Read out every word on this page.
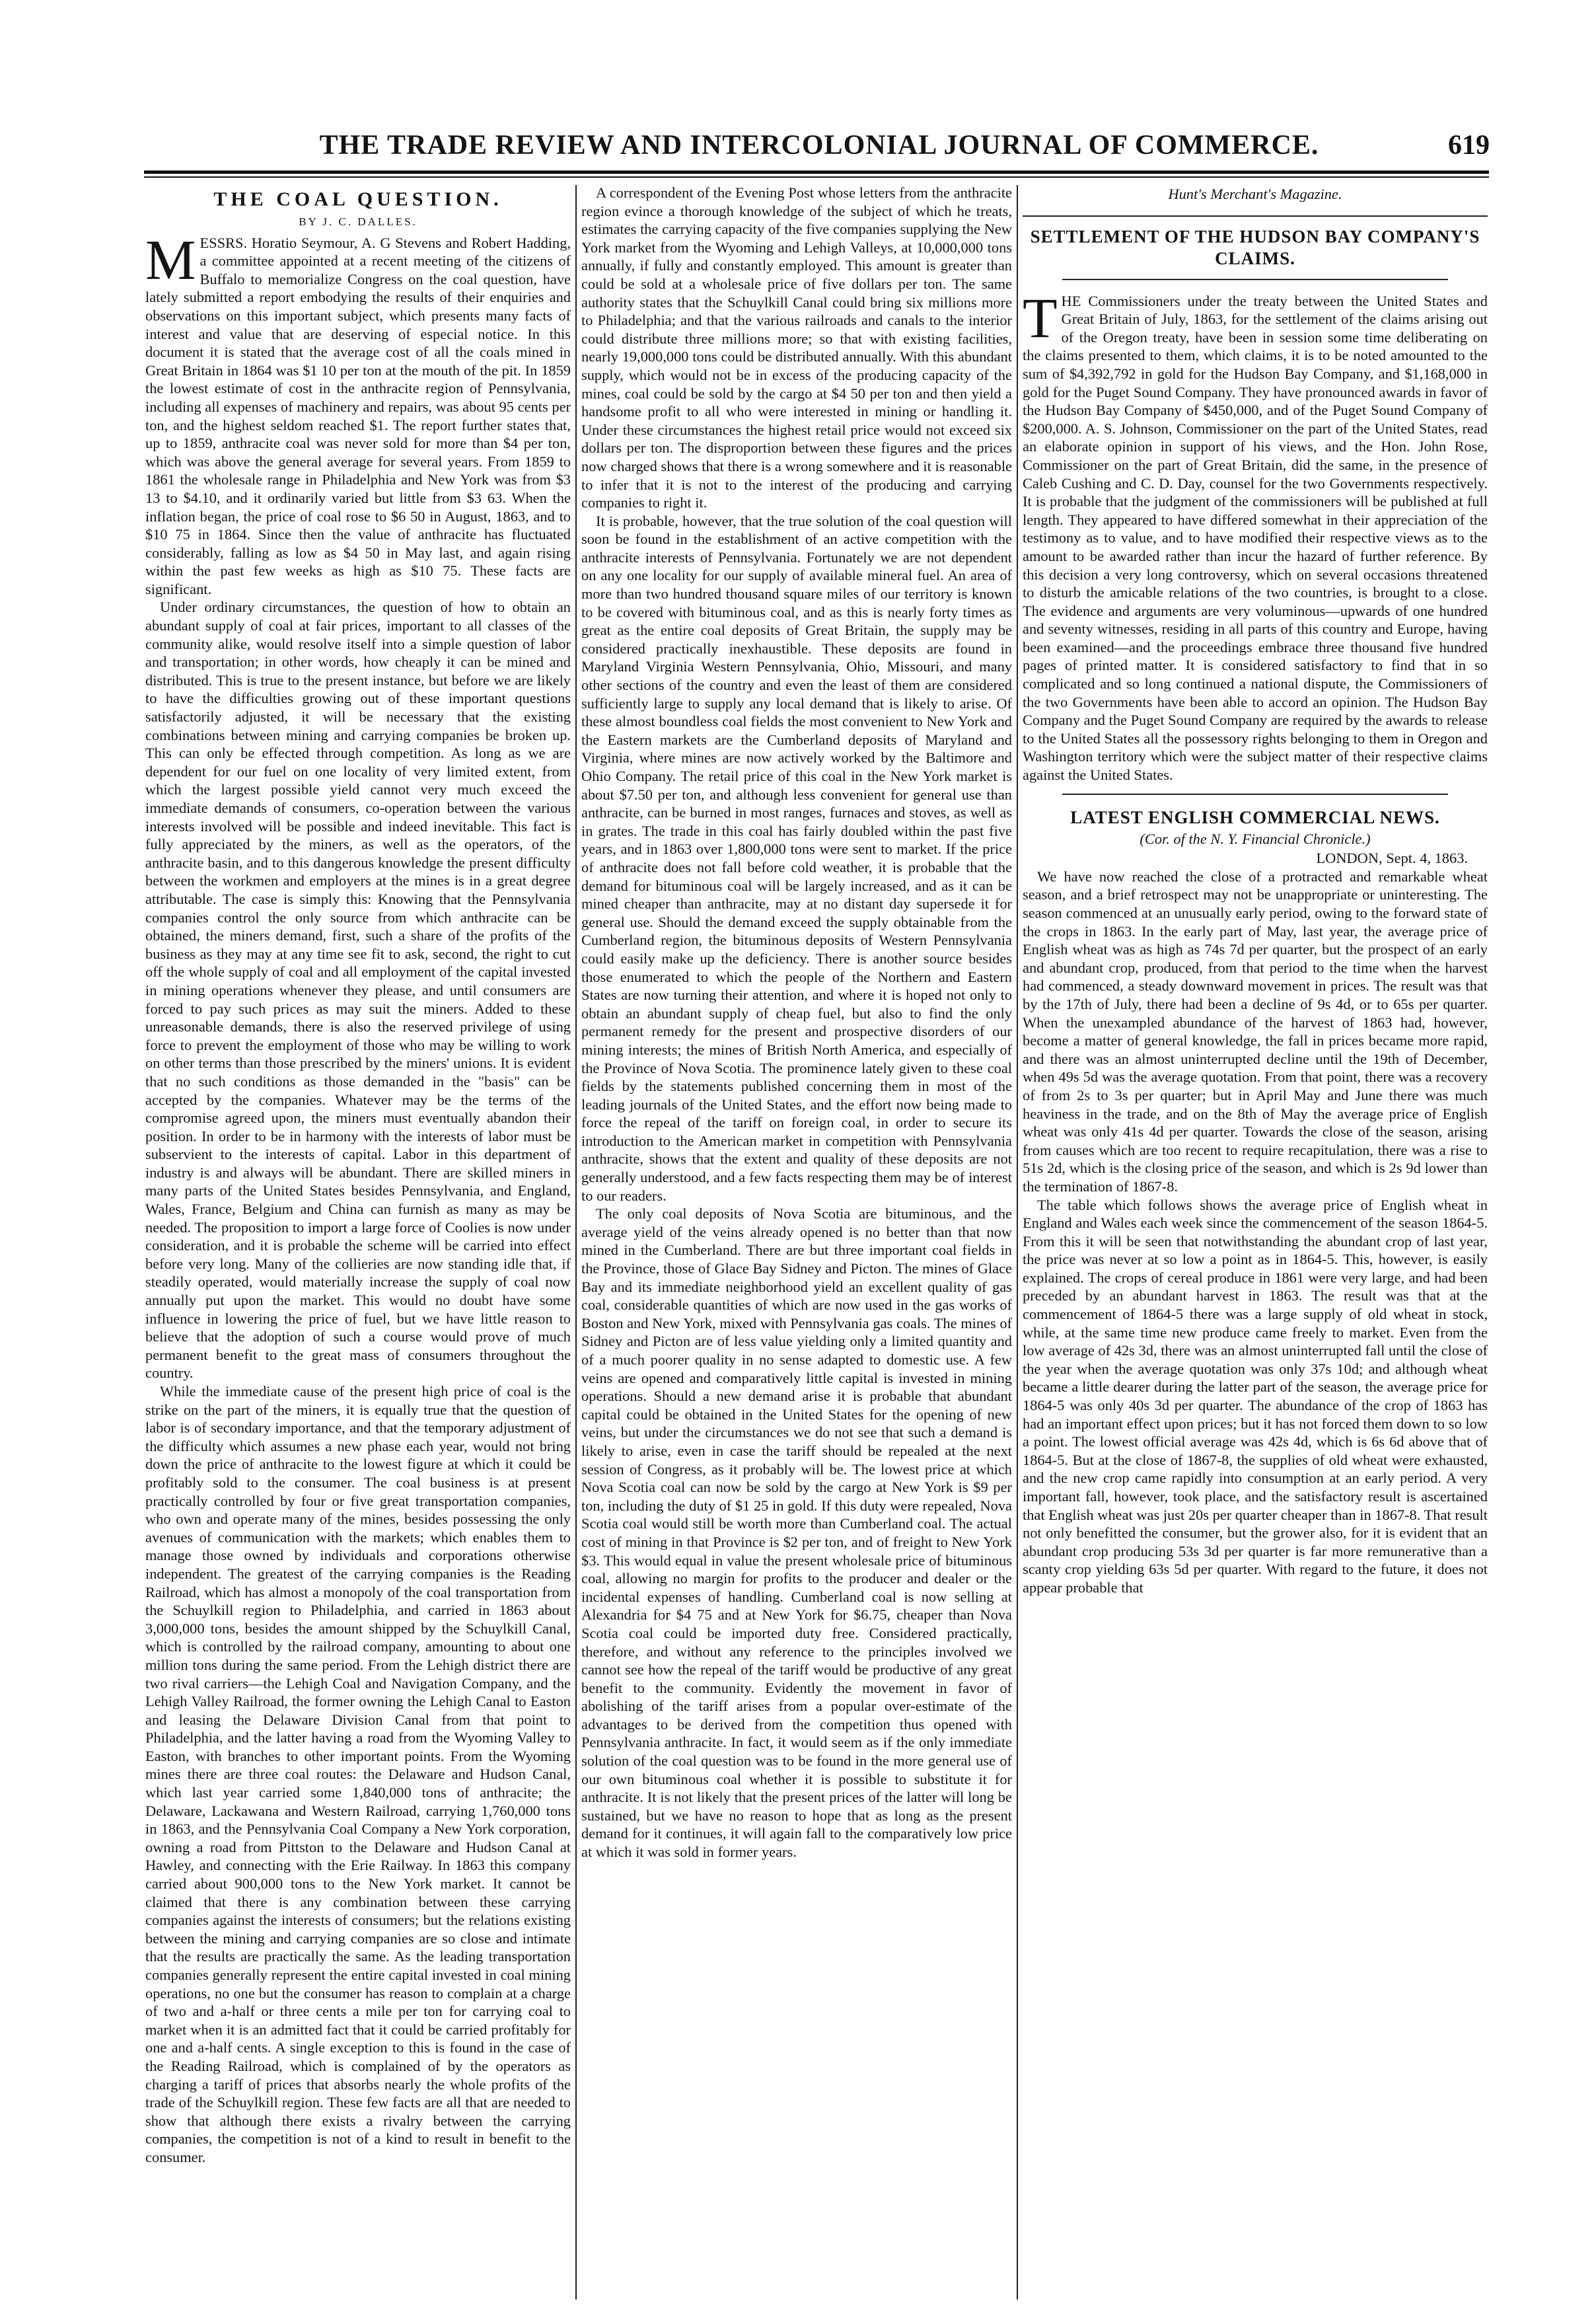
THE TRADE REVIEW AND INTERCOLONIAL JOURNAL OF COMMERCE.	619
THE COAL QUESTION.
BY J. C. DALLES.

MESSRS. Horatio Seymour, A. G Stevens and Robert Hadding, a committee appointed at a recent meeting of the citizens of Buffalo to memorialize Congress on the coal question, have lately submitted a report embodying the results of their enquiries and observations on this important subject, which presents many facts of interest and value that are deserving of especial notice. In this document it is stated that the average cost of all the coals mined in Great Britain in 1864 was $1 10 per ton at the mouth of the pit. In 1859 the lowest estimate of cost in the anthracite region of Pennsylvania, including all expenses of machinery and repairs, was about 95 cents per ton, and the highest seldom reached $1. The report further states that, up to 1859, anthracite coal was never sold for more than $4 per ton, which was above the general average for several years. From 1859 to 1861 the wholesale range in Philadelphia and New York was from $3 13 to $4.10, and it ordinarily varied but little from $3 63. When the inflation began, the price of coal rose to $6 50 in August, 1863, and to $10 75 in 1864. Since then the value of anthracite has fluctuated considerably, falling as low as $4 50 in May last, and again rising within the past few weeks as high as $10 75. These facts are significant.

Under ordinary circumstances, the question of how to obtain an abundant supply of coal at fair prices, important to all classes of the community alike, would resolve itself into a simple question of labor and transportation; in other words, how cheaply it can be mined and distributed. This is true to the present instance, but before we are likely to have the difficulties growing out of these important questions satisfactorily adjusted, it will be necessary that the existing combinations between mining and carrying companies be broken up. This can only be effected through competition. As long as we are dependent for our fuel on one locality of very limited extent, from which the largest possible yield cannot very much exceed the immediate demands of consumers, co-operation between the various interests involved will be possible and indeed inevitable. This fact is fully appreciated by the miners, as well as the operators, of the anthracite basin, and to this dangerous knowledge the present difficulty between the workmen and employers at the mines is in a great degree attributable. The case is simply this: Knowing that the Pennsylvania companies control the only source from which anthracite can be obtained, the miners demand, first, such a share of the profits of the business as they may at any time see fit to ask, second, the right to cut off the whole supply of coal and all employment of the capital invested in mining operations whenever they please, and until consumers are forced to pay such prices as may suit the miners. Added to these unreasonable demands, there is also the reserved privilege of using force to prevent the employment of those who may be willing to work on other terms than those prescribed by the miners' unions. It is evident that no such conditions as those demanded in the "basis" can be accepted by the companies. Whatever may be the terms of the compromise agreed upon, the miners must eventually abandon their position. In order to be in harmony with the interests of labor must be subservient to the interests of capital. Labor in this department of industry is and always will be abundant. There are skilled miners in many parts of the United States besides Pennsylvania, and England, Wales, France, Belgium and China can furnish as many as may be needed. The proposition to import a large force of Coolies is now under consideration, and it is probable the scheme will be carried into effect before very long. Many of the collieries are now standing idle that, if steadily operated, would materially increase the supply of coal now annually put upon the market. This would no doubt have some influence in lowering the price of fuel, but we have little reason to believe that the adoption of such a course would prove of much permanent benefit to the great mass of consumers throughout the country.

While the immediate cause of the present high price of coal is the strike on the part of the miners, it is equally true that the question of labor is of secondary importance, and that the temporary adjustment of the difficulty which assumes a new phase each year, would not bring down the price of anthracite to the lowest figure at which it could be profitably sold to the consumer. The coal business is at present practically controlled by four or five great transportation companies, who own and operate many of the mines, besides possessing the only avenues of communication with the markets; which enables them to manage those owned by individuals and corporations otherwise independent. The greatest of the carrying companies is the Reading Railroad, which has almost a monopoly of the coal transportation from the Schuylkill region to Philadelphia, and carried in 1863 about 3,000,000 tons, besides the amount shipped by the Schuylkill Canal, which is controlled by the railroad company, amounting to about one million tons during the same period. From the Lehigh district there are two rival carriers—the Lehigh Coal and Navigation Company, and the Lehigh Valley Railroad, the former owning the Lehigh Canal to Easton and leasing the Delaware Division Canal from that point to Philadelphia, and the latter having a road from the Wyoming Valley to Easton, with branches to other important points. From the Wyoming mines there are three coal routes: the Delaware and Hudson Canal, which last year carried some 1,840,000 tons of anthracite; the Delaware, Lackawana and Western Railroad, carrying 1,760,000 tons in 1863, and the Pennsylvania Coal Company a New York corporation, owning a road from Pittston to the Delaware and Hudson Canal at Hawley, and connecting with the Erie Railway. In 1863 this company carried about 900,000 tons to the New York market. It cannot be claimed that there is any combination between these carrying companies against the interests of consumers; but the relations existing between the mining and carrying companies are so close and intimate that the results are practically the same. As the leading transportation companies generally represent the entire capital invested in coal mining operations, no one but the consumer has reason to complain at a charge of two and a-half or three cents a mile per ton for carrying coal to market when it is an admitted fact that it could be carried profitably for one and a-half cents. A single exception to this is found in the case of the Reading Railroad, which is complained of by the operators as charging a tariff of prices that absorbs nearly the whole profits of the trade of the Schuylkill region. These few facts are all that are needed to show that although there exists a rivalry between the carrying companies, the competition is not of a kind to result in benefit to the consumer.

A correspondent of the Evening Post whose letters from the anthracite region evince a thorough knowledge of the subject of which he treats, estimates the carrying capacity of the five companies supplying the New York market from the Wyoming and Lehigh Valleys, at 10,000,000 tons annually, if fully and constantly employed. This amount is greater than could be sold at a wholesale price of five dollars per ton. The same authority states that the Schuylkill Canal could bring six millions more to Philadelphia; and that the various railroads and canals to the interior could distribute three millions more; so that with existing facilities, nearly 19,000,000 tons could be distributed annually. With this abundant supply, which would not be in excess of the producing capacity of the mines, coal could be sold by the cargo at $4 50 per ton and then yield a handsome profit to all who were interested in mining or handling it. Under these circumstances the highest retail price would not exceed six dollars per ton. The disproportion between these figures and the prices now charged shows that there is a wrong somewhere and it is reasonable to infer that it is not to the interest of the producing and carrying companies to right it.

It is probable, however, that the true solution of the coal question will soon be found in the establishment of an active competition with the anthracite interests of Pennsylvania. Fortunately we are not dependent on any one locality for our supply of available mineral fuel. An area of more than two hundred thousand square miles of our territory is known to be covered with bituminous coal, and as this is nearly forty times as great as the entire coal deposits of Great Britain, the supply may be considered practically inexhaustible. These deposits are found in Maryland Virginia Western Pennsylvania, Ohio, Missouri, and many other sections of the country and even the least of them are considered sufficiently large to supply any local demand that is likely to arise. Of these almost boundless coal fields the most convenient to New York and the Eastern markets are the Cumberland deposits of Maryland and Virginia, where mines are now actively worked by the Baltimore and Ohio Company. The retail price of this coal in the New York market is about $7.50 per ton, and although less convenient for general use than anthracite, can be burned in most ranges, furnaces and stoves, as well as in grates. The trade in this coal has fairly doubled within the past five years, and in 1863 over 1,800,000 tons were sent to market. If the price of anthracite does not fall before cold weather, it is probable that the demand for bituminous coal will be largely increased, and as it can be mined cheaper than anthracite, may at no distant day supersede it for general use. Should the demand exceed the supply obtainable from the Cumberland region, the bituminous deposits of Western Pennsylvania could easily make up the deficiency. There is another source besides those enumerated to which the people of the Northern and Eastern States are now turning their attention, and where it is hoped not only to obtain an abundant supply of cheap fuel, but also to find the only permanent remedy for the present and prospective disorders of our mining interests; the mines of British North America, and especially of the Province of Nova Scotia. The prominence lately given to these coal fields by the statements published concerning them in most of the leading journals of the United States, and the effort now being made to force the repeal of the tariff on foreign coal, in order to secure its introduction to the American market in competition with Pennsylvania anthracite, shows that the extent and quality of these deposits are not generally understood, and a few facts respecting them may be of interest to our readers.

The only coal deposits of Nova Scotia are bituminous, and the average yield of the veins already opened is no better than that now mined in the Cumberland. There are but three important coal fields in the Province, those of Glace Bay Sidney and Picton. The mines of Glace Bay and its immediate neighborhood yield an excellent quality of gas coal, considerable quantities of which are now used in the gas works of Boston and New York, mixed with Pennsylvania gas coals. The mines of Sidney and Picton are of less value yielding only a limited quantity and of a much poorer quality in no sense adapted to domestic use. A few veins are opened and comparatively little capital is invested in mining operations. Should a new demand arise it is probable that abundant capital could be obtained in the United States for the opening of new veins, but under the circumstances we do not see that such a demand is likely to arise, even in case the tariff should be repealed at the next session of Congress, as it probably will be. The lowest price at which Nova Scotia coal can now be sold by the cargo at New York is $9 per ton, including the duty of $1 25 in gold. If this duty were repealed, Nova Scotia coal would still be worth more than Cumberland coal. The actual cost of mining in that Province is $2 per ton, and of freight to New York $3. This would equal in value the present wholesale price of bituminous coal, allowing no margin for profits to the producer and dealer or the incidental expenses of handling. Cumberland coal is now selling at Alexandria for $4 75 and at New York for $6.75, cheaper than Nova Scotia coal could be imported duty free. Considered practically, therefore, and without any reference to the principles involved we cannot see how the repeal of the tariff would be productive of any great benefit to the community. Evidently the movement in favor of abolishing of the tariff arises from a popular over-estimate of the advantages to be derived from the competition thus opened with Pennsylvania anthracite. In fact, it would seem as if the only immediate solution of the coal question was to be found in the more general use of our own bituminous coal whether it is possible to substitute it for anthracite. It is not likely that the present prices of the latter will long be sustained, but we have no reason to hope that as long as the present demand for it continues, it will again fall to the comparatively low price at which it was sold in former years.

Hunt's Merchant's Magazine.

SETTLEMENT OF THE HUDSON BAY COMPANY'S CLAIMS.

THE Commissioners under the treaty between the United States and Great Britain of July, 1863, for the settlement of the claims arising out of the Oregon treaty, have been in session some time deliberating on the claims presented to them, which claims, it is to be noted amounted to the sum of $4,392,792 in gold for the Hudson Bay Company, and $1,168,000 in gold for the Puget Sound Company. They have pronounced awards in favor of the Hudson Bay Company of $450,000, and of the Puget Sound Company of $200,000. A. S. Johnson, Commissioner on the part of the United States, read an elaborate opinion in support of his views, and the Hon. John Rose, Commissioner on the part of Great Britain, did the same, in the presence of Caleb Cushing and C. D. Day, counsel for the two Governments respectively. It is probable that the judgment of the commissioners will be published at full length. They appeared to have differed somewhat in their appreciation of the testimony as to value, and to have modified their respective views as to the amount to be awarded rather than incur the hazard of further reference. By this decision a very long controversy, which on several occasions threatened to disturb the amicable relations of the two countries, is brought to a close. The evidence and arguments are very voluminous—upwards of one hundred and seventy witnesses, residing in all parts of this country and Europe, having been examined—and the proceedings embrace three thousand five hundred pages of printed matter. It is considered satisfactory to find that in so complicated and so long continued a national dispute, the Commissioners of the two Governments have been able to accord an opinion. The Hudson Bay Company and the Puget Sound Company are required by the awards to release to the United States all the possessory rights belonging to them in Oregon and Washington territory which were the subject matter of their respective claims against the United States.

LATEST ENGLISH COMMERCIAL NEWS.

(Cor. of the N. Y. Financial Chronicle.)

LONDON, Sept. 4, 1863.

We have now reached the close of a protracted and remarkable wheat season, and a brief retrospect may not be unappropriate or uninteresting. The season commenced at an unusually early period, owing to the forward state of the crops in 1863. In the early part of May, last year, the average price of English wheat was as high as 74s 7d per quarter, but the prospect of an early and abundant crop, produced, from that period to the time when the harvest had commenced, a steady downward movement in prices. The result was that by the 17th of July, there had been a decline of 9s 4d, or to 65s per quarter. When the unexampled abundance of the harvest of 1863 had, however, become a matter of general knowledge, the fall in prices became more rapid, and there was an almost uninterrupted decline until the 19th of December, when 49s 5d was the average quotation. From that point, there was a recovery of from 2s to 3s per quarter; but in April May and June there was much heaviness in the trade, and on the 8th of May the average price of English wheat was only 41s 4d per quarter. Towards the close of the season, arising from causes which are too recent to require recapitulation, there was a rise to 51s 2d, which is the closing price of the season, and which is 2s 9d lower than the termination of 1867-8.

The table which follows shows the average price of English wheat in England and Wales each week since the commencement of the season 1864-5. From this it will be seen that notwithstanding the abundant crop of last year, the price was never at so low a point as in 1864-5. This, however, is easily explained. The crops of cereal produce in 1861 were very large, and had been preceded by an abundant harvest in 1863. The result was that at the commencement of 1864-5 there was a large supply of old wheat in stock, while, at the same time new produce came freely to market. Even from the low average of 42s 3d, there was an almost uninterrupted fall until the close of the year when the average quotation was only 37s 10d; and although wheat became a little dearer during the latter part of the season, the average price for 1864-5 was only 40s 3d per quarter. The abundance of the crop of 1863 has had an important effect upon prices; but it has not forced them down to so low a point. The lowest official average was 42s 4d, which is 6s 6d above that of 1864-5. But at the close of 1867-8, the supplies of old wheat were exhausted, and the new crop came rapidly into consumption at an early period. A very important fall, however, took place, and the satisfactory result is ascertained that English wheat was just 20s per quarter cheaper than in 1867-8. That result not only benefitted the consumer, but the grower also, for it is evident that an abundant crop producing 53s 3d per quarter is far more remunerative than a scanty crop yielding 63s 5d per quarter. With regard to the future, it does not appear probable that
